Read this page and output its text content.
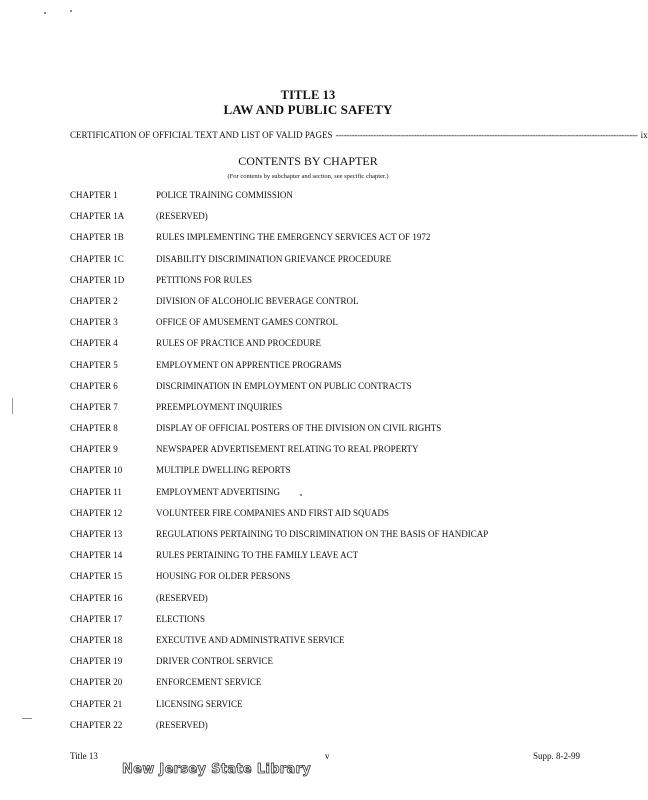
TITLE 13
LAW AND PUBLIC SAFETY
CERTIFICATION OF OFFICIAL TEXT AND LIST OF VALID PAGES ---------------------------------------------------------------------------------------------------------------- ix
CONTENTS BY CHAPTER
(For contents by subchapter and section, see specific chapter.)
CHAPTER 1	POLICE TRAINING COMMISSION
CHAPTER 1A	(RESERVED)
CHAPTER 1B	RULES IMPLEMENTING THE EMERGENCY SERVICES ACT OF 1972
CHAPTER 1C	DISABILITY DISCRIMINATION GRIEVANCE PROCEDURE
CHAPTER 1D	PETITIONS FOR RULES
CHAPTER 2	DIVISION OF ALCOHOLIC BEVERAGE CONTROL
CHAPTER 3	OFFICE OF AMUSEMENT GAMES CONTROL
CHAPTER 4	RULES OF PRACTICE AND PROCEDURE
CHAPTER 5	EMPLOYMENT ON APPRENTICE PROGRAMS
CHAPTER 6	DISCRIMINATION IN EMPLOYMENT ON PUBLIC CONTRACTS
CHAPTER 7	PREEMPLOYMENT INQUIRIES
CHAPTER 8	DISPLAY OF OFFICIAL POSTERS OF THE DIVISION ON CIVIL RIGHTS
CHAPTER 9	NEWSPAPER ADVERTISEMENT RELATING TO REAL PROPERTY
CHAPTER 10	MULTIPLE DWELLING REPORTS
CHAPTER 11	EMPLOYMENT ADVERTISING
CHAPTER 12	VOLUNTEER FIRE COMPANIES AND FIRST AID SQUADS
CHAPTER 13	REGULATIONS PERTAINING TO DISCRIMINATION ON THE BASIS OF HANDICAP
CHAPTER 14	RULES PERTAINING TO THE FAMILY LEAVE ACT
CHAPTER 15	HOUSING FOR OLDER PERSONS
CHAPTER 16	(RESERVED)
CHAPTER 17	ELECTIONS
CHAPTER 18	EXECUTIVE AND ADMINISTRATIVE SERVICE
CHAPTER 19	DRIVER CONTROL SERVICE
CHAPTER 20	ENFORCEMENT SERVICE
CHAPTER 21	LICENSING SERVICE
CHAPTER 22	(RESERVED)
Title 13	v	Supp. 8-2-99
New Jersey State Library
